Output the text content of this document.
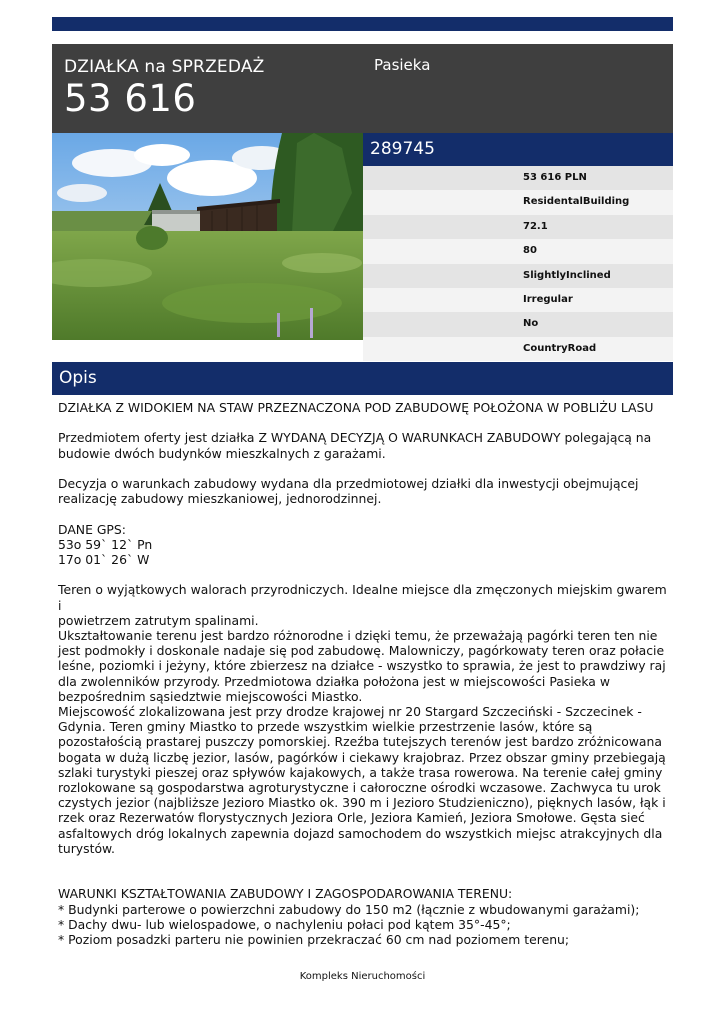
DZIAŁKA na SPRZEDAŻ
53 616
Pasieka
289745
53 616 PLN
ResidentalBuilding
72.1
80
SlightlyInclined
Irregular
No
CountryRoad
Opis

DZIAŁKA Z WIDOKIEM NA STAW PRZEZNACZONA POD ZABUDOWĘ POŁOŻONA W POBLIŻU LASU

Przedmiotem oferty jest działka Z WYDANĄ DECYZJĄ O WARUNKACH ZABUDOWY polegającą na

budowie dwóch budynków mieszkalnych z garażami.

Decyzja o warunkach zabudowy wydana dla przedmiotowej działki dla inwestycji obejmującej

realizację zabudowy mieszkaniowej, jednorodzinnej.

DANE GPS:

53o 59` 12` Pn

17o 01` 26` W

Teren o wyjątkowych walorach przyrodniczych. Idealne miejsce dla zmęczonych miejskim gwarem i

powietrzem zatrutym spalinami.

Ukształtowanie terenu jest bardzo różnorodne i dzięki temu, że przeważają pagórki teren ten nie

jest podmokły i doskonale nadaje się pod zabudowę. Malowniczy, pagórkowaty teren oraz połacie

leśne, poziomki i jeżyny, które zbierzesz na działce - wszystko to sprawia, że jest to prawdziwy raj

dla zwolenników przyrody. Przedmiotowa działka położona jest w miejscowości Pasieka w

bezpośrednim sąsiedztwie miejscowości Miastko.

Miejscowość zlokalizowana jest przy drodze krajowej nr 20 Stargard Szczeciński - Szczecinek -

Gdynia. Teren gminy Miastko to przede wszystkim wielkie przestrzenie lasów, które są

pozostałością prastarej puszczy pomorskiej. Rzeźba tutejszych terenów jest bardzo zróżnicowana

bogata w dużą liczbę jezior, lasów, pagórków i ciekawy krajobraz. Przez obszar gminy przebiegają

szlaki turystyki pieszej oraz spływów kajakowych, a także trasa rowerowa. Na terenie całej gminy

rozlokowane są gospodarstwa agroturystyczne i całoroczne ośrodki wczasowe. Zachwyca tu urok

czystych jezior (najbliższe Jezioro Miastko ok. 390 m i Jezioro Studzieniczno), pięknych lasów, łąk i

rzek oraz Rezerwatów florystycznych Jeziora Orle, Jeziora Kamień, Jeziora Smołowe. Gęsta sieć

asfaltowych dróg lokalnych zapewnia dojazd samochodem do wszystkich miejsc atrakcyjnych dla

turystów.

WARUNKI KSZTAŁTOWANIA ZABUDOWY I ZAGOSPODAROWANIA TERENU:

* Budynki parterowe o powierzchni zabudowy do 150 m2 (łącznie z wbudowanymi garażami);

* Dachy dwu- lub wielospadowe, o nachyleniu połaci pod kątem 35°-45°;

* Poziom posadzki parteru nie powinien przekraczać 60 cm nad poziomem terenu;

Kompleks Nieruchomości
